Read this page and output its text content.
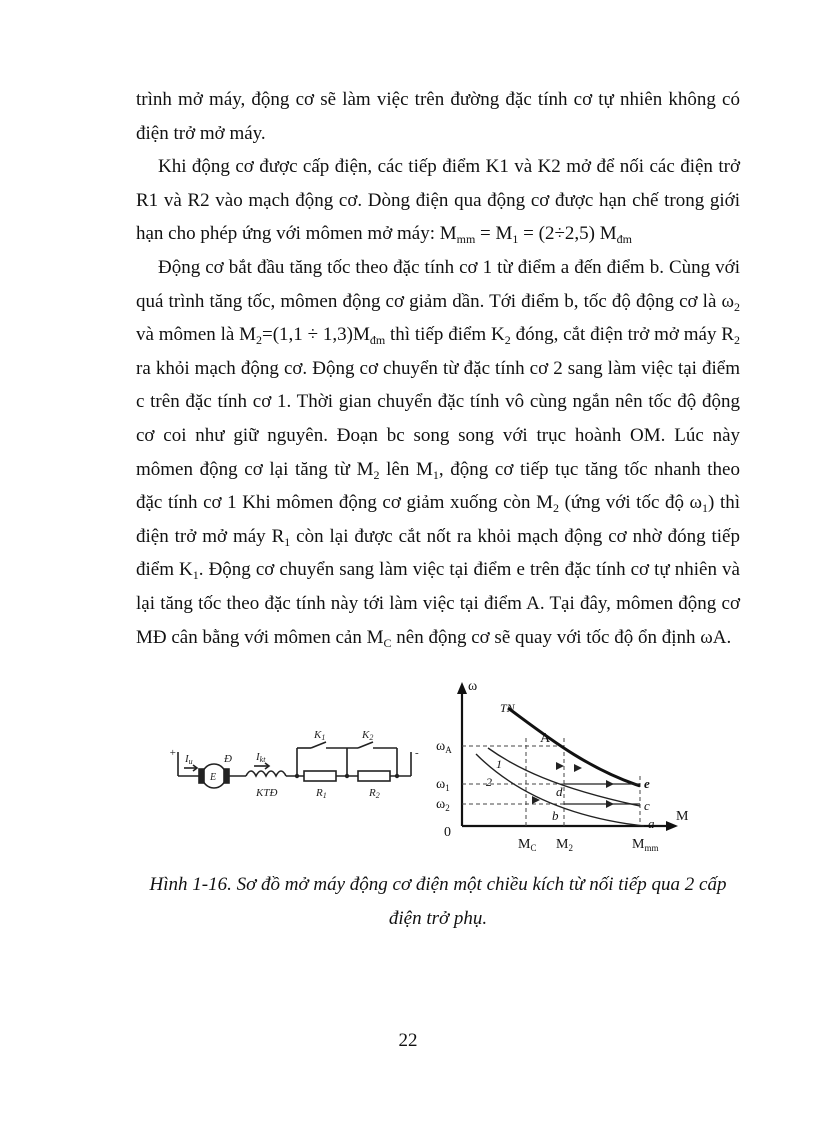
trình mở máy, động cơ sẽ làm việc trên đường đặc tính cơ tự nhiên không có điện trở mở máy.

Khi động cơ được cấp điện, các tiếp điểm K1 và K2 mở để nối các điện trở R1 và R2 vào mạch động cơ. Dòng điện qua động cơ được hạn chế trong giới hạn cho phép ứng với mômen mở máy: $M_{mm} = M_1 = (2\div 2,5)$ $M_{đm}$

Động cơ bắt đầu tăng tốc theo đặc tính cơ 1 từ điểm a đến điểm b. Cùng với quá trình tăng tốc, mômen động cơ giảm dần. Tới điểm b, tốc độ động cơ là $\omega_2$ và mômen là $M_2=(1,1 \div 1,3)M_{đm}$ thì tiếp điểm $K_2$ đóng, cắt điện trở mở máy $R_2$ ra khỏi mạch động cơ. Động cơ chuyển từ đặc tính cơ 2 sang làm việc tại điểm c trên đặc tính cơ 1. Thời gian chuyển đặc tính vô cùng ngắn nên tốc độ động cơ coi như giữ nguyên. Đoạn bc song song với trục hoành OM. Lúc này mômen động cơ lại tăng từ $M_2$ lên $M_1$, động cơ tiếp tục tăng tốc nhanh theo đặc tính cơ 1 Khi mômen động cơ giảm xuống còn $M_2$ (ứng với tốc độ $\omega_1$) thì điện trở mở máy $R_1$ còn lại được cắt nốt ra khỏi mạch động cơ nhờ đóng tiếp điểm $K_1$. Động cơ chuyển sang làm việc tại điểm e trên đặc tính cơ tự nhiên và lại tăng tốc theo đặc tính này tới làm việc tại điểm A. Tại đây, mômen động cơ MĐ cân bằng với mômen cản $M_C$ nên động cơ sẽ quay với tốc độ ổn định ωA.

+	-
Iu	Ikt
E
Đ
KTĐ
K1	K2
R1	R2
ω
M
0
TN
A
1
2
$\omega_A$
$\omega_1$
$\omega_2$
e
c
a
b
d
$M_C$ $M_2$	$M_{mm}$
Hình 1-16. Sơ đồ mở máy động cơ điện một chiều kích từ nối tiếp qua 2 cấp
điện trở phụ.
22
